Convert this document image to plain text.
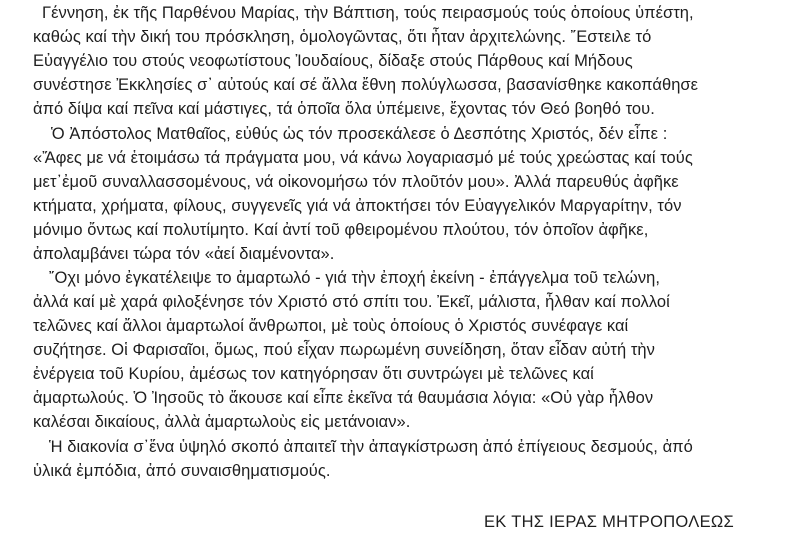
Γέννηση, ἐκ τῆς Παρθένου Μαρίας, τὴν Βάπτιση, τούς πειρασμούς τούς ὁποίους ὑπέστη,
καθώς καί τὴν δική του πρόσκληση, ὁμολογῶντας, ὅτι ἦταν ἀρχιτελώνης. ῎Εστειλε τό
Εὐαγγέλιο του στούς νεοφωτίστους Ἰουδαίους, δίδαξε στούς Πάρθους καί Μήδους
συνέστησε Ἐκκλησίες σ᾽ αὐτούς καί σέ ἄλλα ἔθνη πολύγλωσσα, βασανίσθηκε κακοπάθησε
ἀπό δίψα καί πεῖνα καί μάστιγες, τά ὁποῖα ὅλα ὑπέμεινε, ἔχοντας τόν Θεό βοηθό του.
Ὁ Ἀπόστολος Ματθαῖος, εὐθύς ὡς τόν προσεκάλεσε ὁ Δεσπότης Χριστός, δέν εἶπε :
«Ἄφες με νά ἑτοιμάσω τά πράγματα μου, νά κάνω λογαριασμό μέ τούς χρεώστας καί τούς
μετ᾽ἐμοῦ συναλλασσομένους, νά οἰκονομήσω τόν πλοῦτόν μου». Ἀλλά παρευθύς ἀφῆκε
κτήματα, χρήματα, φίλους, συγγενεῖς γιά νά ἀποκτήσει τόν Εὐαγγελικόν Μαργαρίτην, τόν
μόνιμο ὄντως καί πολυτίμητο. Καί ἀντί τοῦ φθειρομένου πλούτου, τόν ὁποῖον ἀφῆκε,
ἀπολαμβάνει τώρα τόν «ἀεί διαμένοντα».
῎Οχι μόνο ἐγκατέλειψε το ἁμαρτωλό - γιά τὴν ἐποχή ἐκείνη - ἐπάγγελμα τοῦ τελώνη,
ἀλλά καί μὲ χαρά φιλοξένησε τόν Χριστό στό σπίτι του. Ἐκεῖ, μάλιστα, ἦλθαν καί πολλοί
τελῶνες καί ἄλλοι ἁμαρτωλοί ἄνθρωποι, μὲ τοὺς ὁποίους ὁ Χριστός συνέφαγε καί
συζήτησε. Οἱ Φαρισαῖοι, ὅμως, πού εἶχαν πωρωμένη συνείδηση, ὅταν εἶδαν αὐτή τὴν
ἐνέργεια τοῦ Κυρίου, ἀμέσως τον κατηγόρησαν ὅτι συντρώγει μὲ τελῶνες καί
ἁμαρτωλούς. Ὁ Ἰησοῦς τὸ ἄκουσε καί εἶπε ἐκεῖνα τά θαυμάσια λόγια: «Οὐ γὰρ ἦλθον
καλέσαι δικαίους, ἀλλὰ ἁμαρτωλοὺς εἰς μετάνοιαν».
Ἡ διακονία σ᾽ἕνα ὑψηλό σκοπό ἀπαιτεῖ τὴν ἀπαγκίστρωση ἀπό ἐπίγειους δεσμούς, ἀπό
ὑλικά ἐμπόδια, ἀπό συναισθηματισμούς.
ΕΚ ΤΗΣ ΙΕΡΑΣ ΜΗΤΡΟΠΟΛΕΩΣ
